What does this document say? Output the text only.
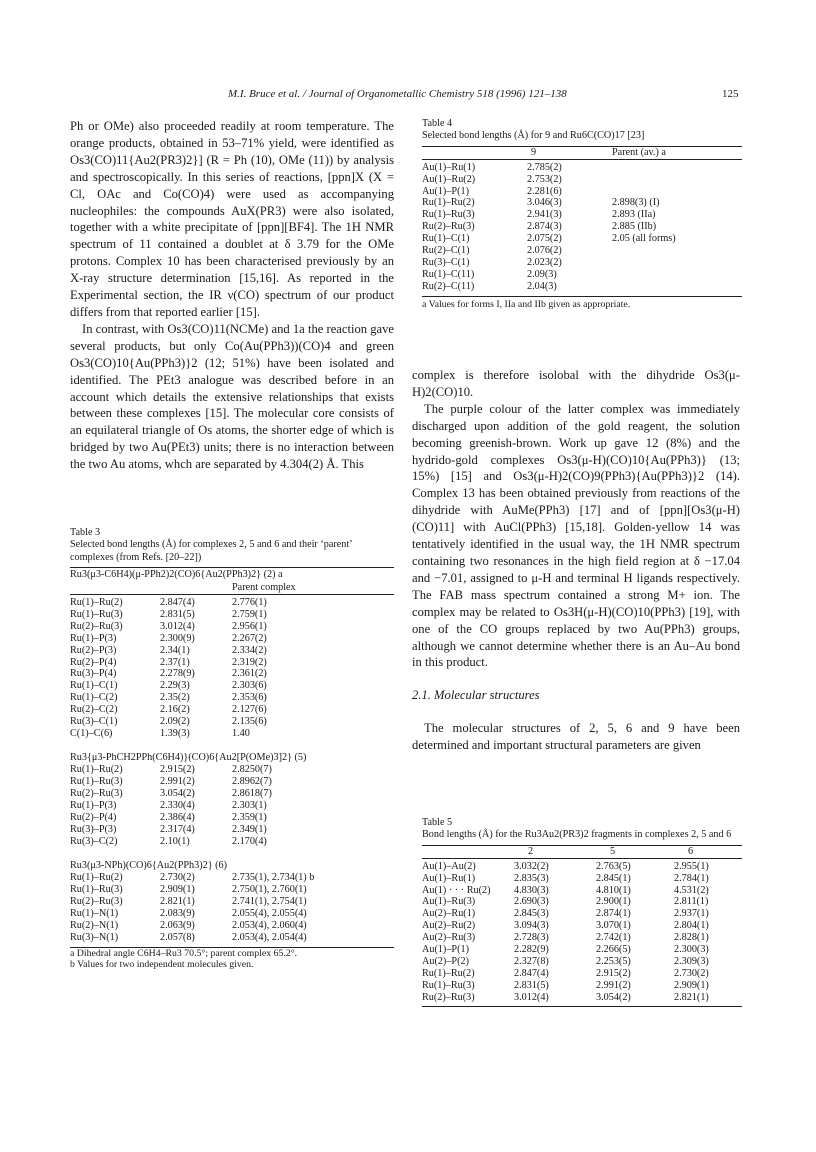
M.I. Bruce et al. / Journal of Organometallic Chemistry 518 (1996) 121–138	125

Ph or OMe) also proceeded readily at room temperature. The orange products, obtained in 53–71% yield, were identified as Os3(CO)11{Au2(PR3)2}] (R = Ph (10), OMe (11)) by analysis and spectroscopically. In this series of reactions, [ppn]X (X = Cl, OAc and Co(CO)4) were used as accompanying nucleophiles: the compounds AuX(PR3) were also isolated, together with a white precipitate of [ppn][BF4]. The 1H NMR spectrum of 11 contained a doublet at δ 3.79 for the OMe protons. Complex 10 has been characterised previously by an X-ray structure determination [15,16]. As reported in the Experimental section, the IR ν(CO) spectrum of our product differs from that reported earlier [15].

In contrast, with Os3(CO)11(NCMe) and 1a the reaction gave several products, but only Co(Au(PPh3))(CO)4 and green Os3(CO)10{Au(PPh3)}2 (12; 51%) have been isolated and identified. The PEt3 analogue was described before in an account which details the extensive relationships that exists between these complexes [15]. The molecular core consists of an equilateral triangle of Os atoms, the shorter edge of which is bridged by two Au(PEt3) units; there is no interaction between the two Au atoms, whch are separated by 4.304(2) Å. This

Table 3
Selected bond lengths (Å) for complexes 2, 5 and 6 and their ‘parent’ complexes (from Refs. [20–22])
Ru3(μ3-C6H4)(μ-PPh2)2(CO)6{Au2(PPh3)2} (2) a
Parent complex
Ru(1)–Ru(2)	2.847(4)	2.776(1)
Ru(1)–Ru(3)	2.831(5)	2.759(1)
Ru(2)–Ru(3)	3.012(4)	2.956(1)
Ru(1)–P(3)	2.300(9)	2.267(2)
Ru(2)–P(3)	2.34(1)	2.334(2)
Ru(2)–P(4)	2.37(1)	2.319(2)
Ru(3)–P(4)	2.278(9)	2.361(2)
Ru(1)–C(1)	2.29(3)	2.303(6)
Ru(1)–C(2)	2.35(2)	2.353(6)
Ru(2)–C(2)	2.16(2)	2.127(6)
Ru(3)–C(1)	2.09(2)	2.135(6)
C(1)–C(6)	1.39(3)	1.40
Ru3{μ3-PhCH2PPh(C6H4)}(CO)6{Au2[P(OMe)3]2} (5)
Ru(1)–Ru(2)	2.915(2)	2.8250(7)
Ru(1)–Ru(3)	2.991(2)	2.8962(7)
Ru(2)–Ru(3)	3.054(2)	2.8618(7)
Ru(1)–P(3)	2.330(4)	2.303(1)
Ru(2)–P(4)	2.386(4)	2.359(1)
Ru(3)–P(3)	2.317(4)	2.349(1)
Ru(3)–C(2)	2.10(1)	2.170(4)
Ru3(μ3-NPh)(CO)6{Au2(PPh3)2} (6)
Ru(1)–Ru(2)	2.730(2)	2.735(1), 2.734(1) b
Ru(1)–Ru(3)	2.909(1)	2.750(1), 2.760(1)
Ru(2)–Ru(3)	2.821(1)	2.741(1), 2.754(1)
Ru(1)–N(1)	2.083(9)	2.055(4), 2.055(4)
Ru(2)–N(1)	2.063(9)	2.053(4), 2.060(4)
Ru(3)–N(1)	2.057(8)	2.053(4), 2.054(4)
a Dihedral angle C6H4–Ru3 70.5°; parent complex 65.2°.
b Values for two independent molecules given.
Table 4
Selected bond lengths (Å) for 9 and Ru6C(CO)17 [23]
	9	Parent (av.) a
Au(1)–Ru(1)	2.785(2)	
Au(1)–Ru(2)	2.753(2)	
Au(1)–P(1)	2.281(6)	
Ru(1)–Ru(2)	3.046(3)	2.898(3) (I)
Ru(1)–Ru(3)	2.941(3)	2.893 (IIa)
Ru(2)–Ru(3)	2.874(3)	2.885 (IIb)
Ru(1)–C(1)	2.075(2)	2.05 (all forms)
Ru(2)–C(1)	2.076(2)	
Ru(3)–C(1)	2.023(2)	
Ru(1)–C(11)	2.09(3)	
Ru(2)–C(11)	2.04(3)	
a Values for forms I, IIa and IIb given as appropriate.

complex is therefore isolobal with the dihydride Os3(μ-H)2(CO)10.

The purple colour of the latter complex was immediately discharged upon addition of the gold reagent, the solution becoming greenish-brown. Work up gave 12 (8%) and the hydrido-gold complexes Os3(μ-H)(CO)10{Au(PPh3)} (13; 15%) [15] and Os3(μ-H)2(CO)9(PPh3){Au(PPh3)}2 (14). Complex 13 has been obtained previously from reactions of the dihydride with AuMe(PPh3) [17] and of [ppn][Os3(μ-H)(CO)11] with AuCl(PPh3) [15,18]. Golden-yellow 14 was tentatively identified in the usual way, the 1H NMR spectrum containing two resonances in the high field region at δ −17.04 and −7.01, assigned to μ-H and terminal H ligands respectively. The FAB mass spectrum contained a strong M+ ion. The complex may be related to Os3H(μ-H)(CO)10(PPh3) [19], with one of the CO groups replaced by two Au(PPh3) groups, although we cannot determine whether there is an Au–Au bond in this product.

2.1. Molecular structures

The molecular structures of 2, 5, 6 and 9 have been determined and important structural parameters are given

Table 5
Bond lengths (Å) for the Ru3Au2(PR3)2 fragments in complexes 2, 5 and 6
	2	5	6
Au(1)–Au(2)	3.032(2)	2.763(5)	2.955(1)
Au(1)–Ru(1)	2.835(3)	2.845(1)	2.784(1)
Au(1) · · · Ru(2)	4.830(3)	4.810(1)	4.531(2)
Au(1)–Ru(3)	2.690(3)	2.900(1)	2.811(1)
Au(2)–Ru(1)	2.845(3)	2.874(1)	2.937(1)
Au(2)–Ru(2)	3.094(3)	3.070(1)	2.804(1)
Au(2)–Ru(3)	2.728(3)	2.742(1)	2.828(1)
Au(1)–P(1)	2.282(9)	2.266(5)	2.300(3)
Au(2)–P(2)	2.327(8)	2.253(5)	2.309(3)
Ru(1)–Ru(2)	2.847(4)	2.915(2)	2.730(2)
Ru(1)–Ru(3)	2.831(5)	2.991(2)	2.909(1)
Ru(2)–Ru(3)	3.012(4)	3.054(2)	2.821(1)
